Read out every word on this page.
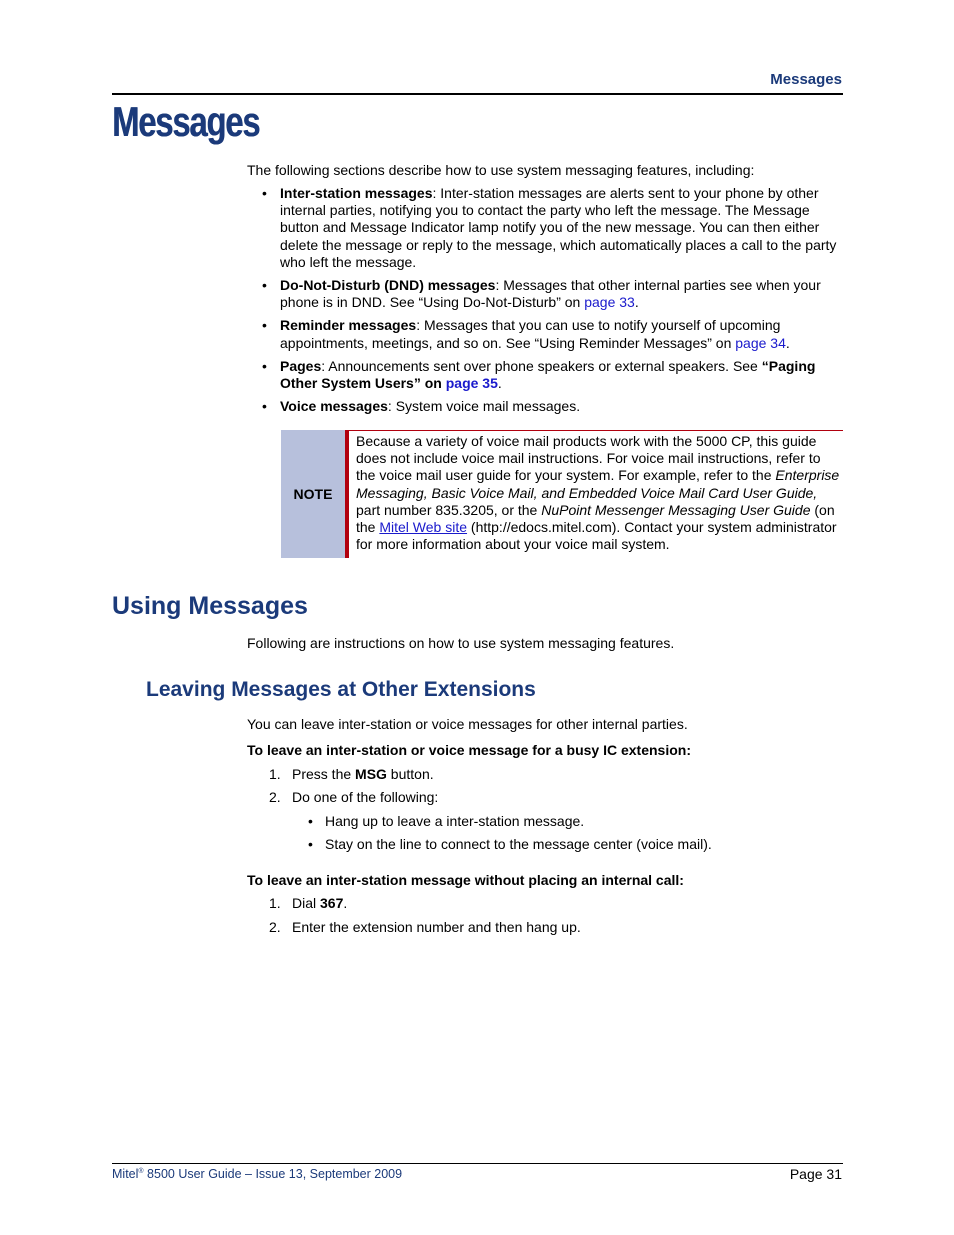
Messages
Messages
The following sections describe how to use system messaging features, including:
• Inter-station messages: Inter-station messages are alerts sent to your phone by other internal parties, notifying you to contact the party who left the message. The Message button and Message Indicator lamp notify you of the new message. You can then either delete the message or reply to the message, which automatically places a call to the party who left the message.
• Do-Not-Disturb (DND) messages: Messages that other internal parties see when your phone is in DND. See “Using Do-Not-Disturb” on page 33.
• Reminder messages: Messages that you can use to notify yourself of upcoming appointments, meetings, and so on. See “Using Reminder Messages” on page 34.
• Pages: Announcements sent over phone speakers or external speakers. See “Paging Other System Users” on page 35.
• Voice messages: System voice mail messages.
NOTE
Because a variety of voice mail products work with the 5000 CP, this guide does not include voice mail instructions. For voice mail instructions, refer to the voice mail user guide for your system. For example, refer to the Enterprise Messaging, Basic Voice Mail, and Embedded Voice Mail Card User Guide, part number 835.3205, or the NuPoint Messenger Messaging User Guide (on the Mitel Web site (http://edocs.mitel.com). Contact your system administrator for more information about your voice mail system.
Using Messages
Following are instructions on how to use system messaging features.
Leaving Messages at Other Extensions
You can leave inter-station or voice messages for other internal parties.
To leave an inter-station or voice message for a busy IC extension:
1. Press the MSG button.
2. Do one of the following:
• Hang up to leave a inter-station message.
• Stay on the line to connect to the message center (voice mail).
To leave an inter-station message without placing an internal call:
1. Dial 367.
2. Enter the extension number and then hang up.
Mitel® 8500 User Guide – Issue 13, September 2009	Page 31
